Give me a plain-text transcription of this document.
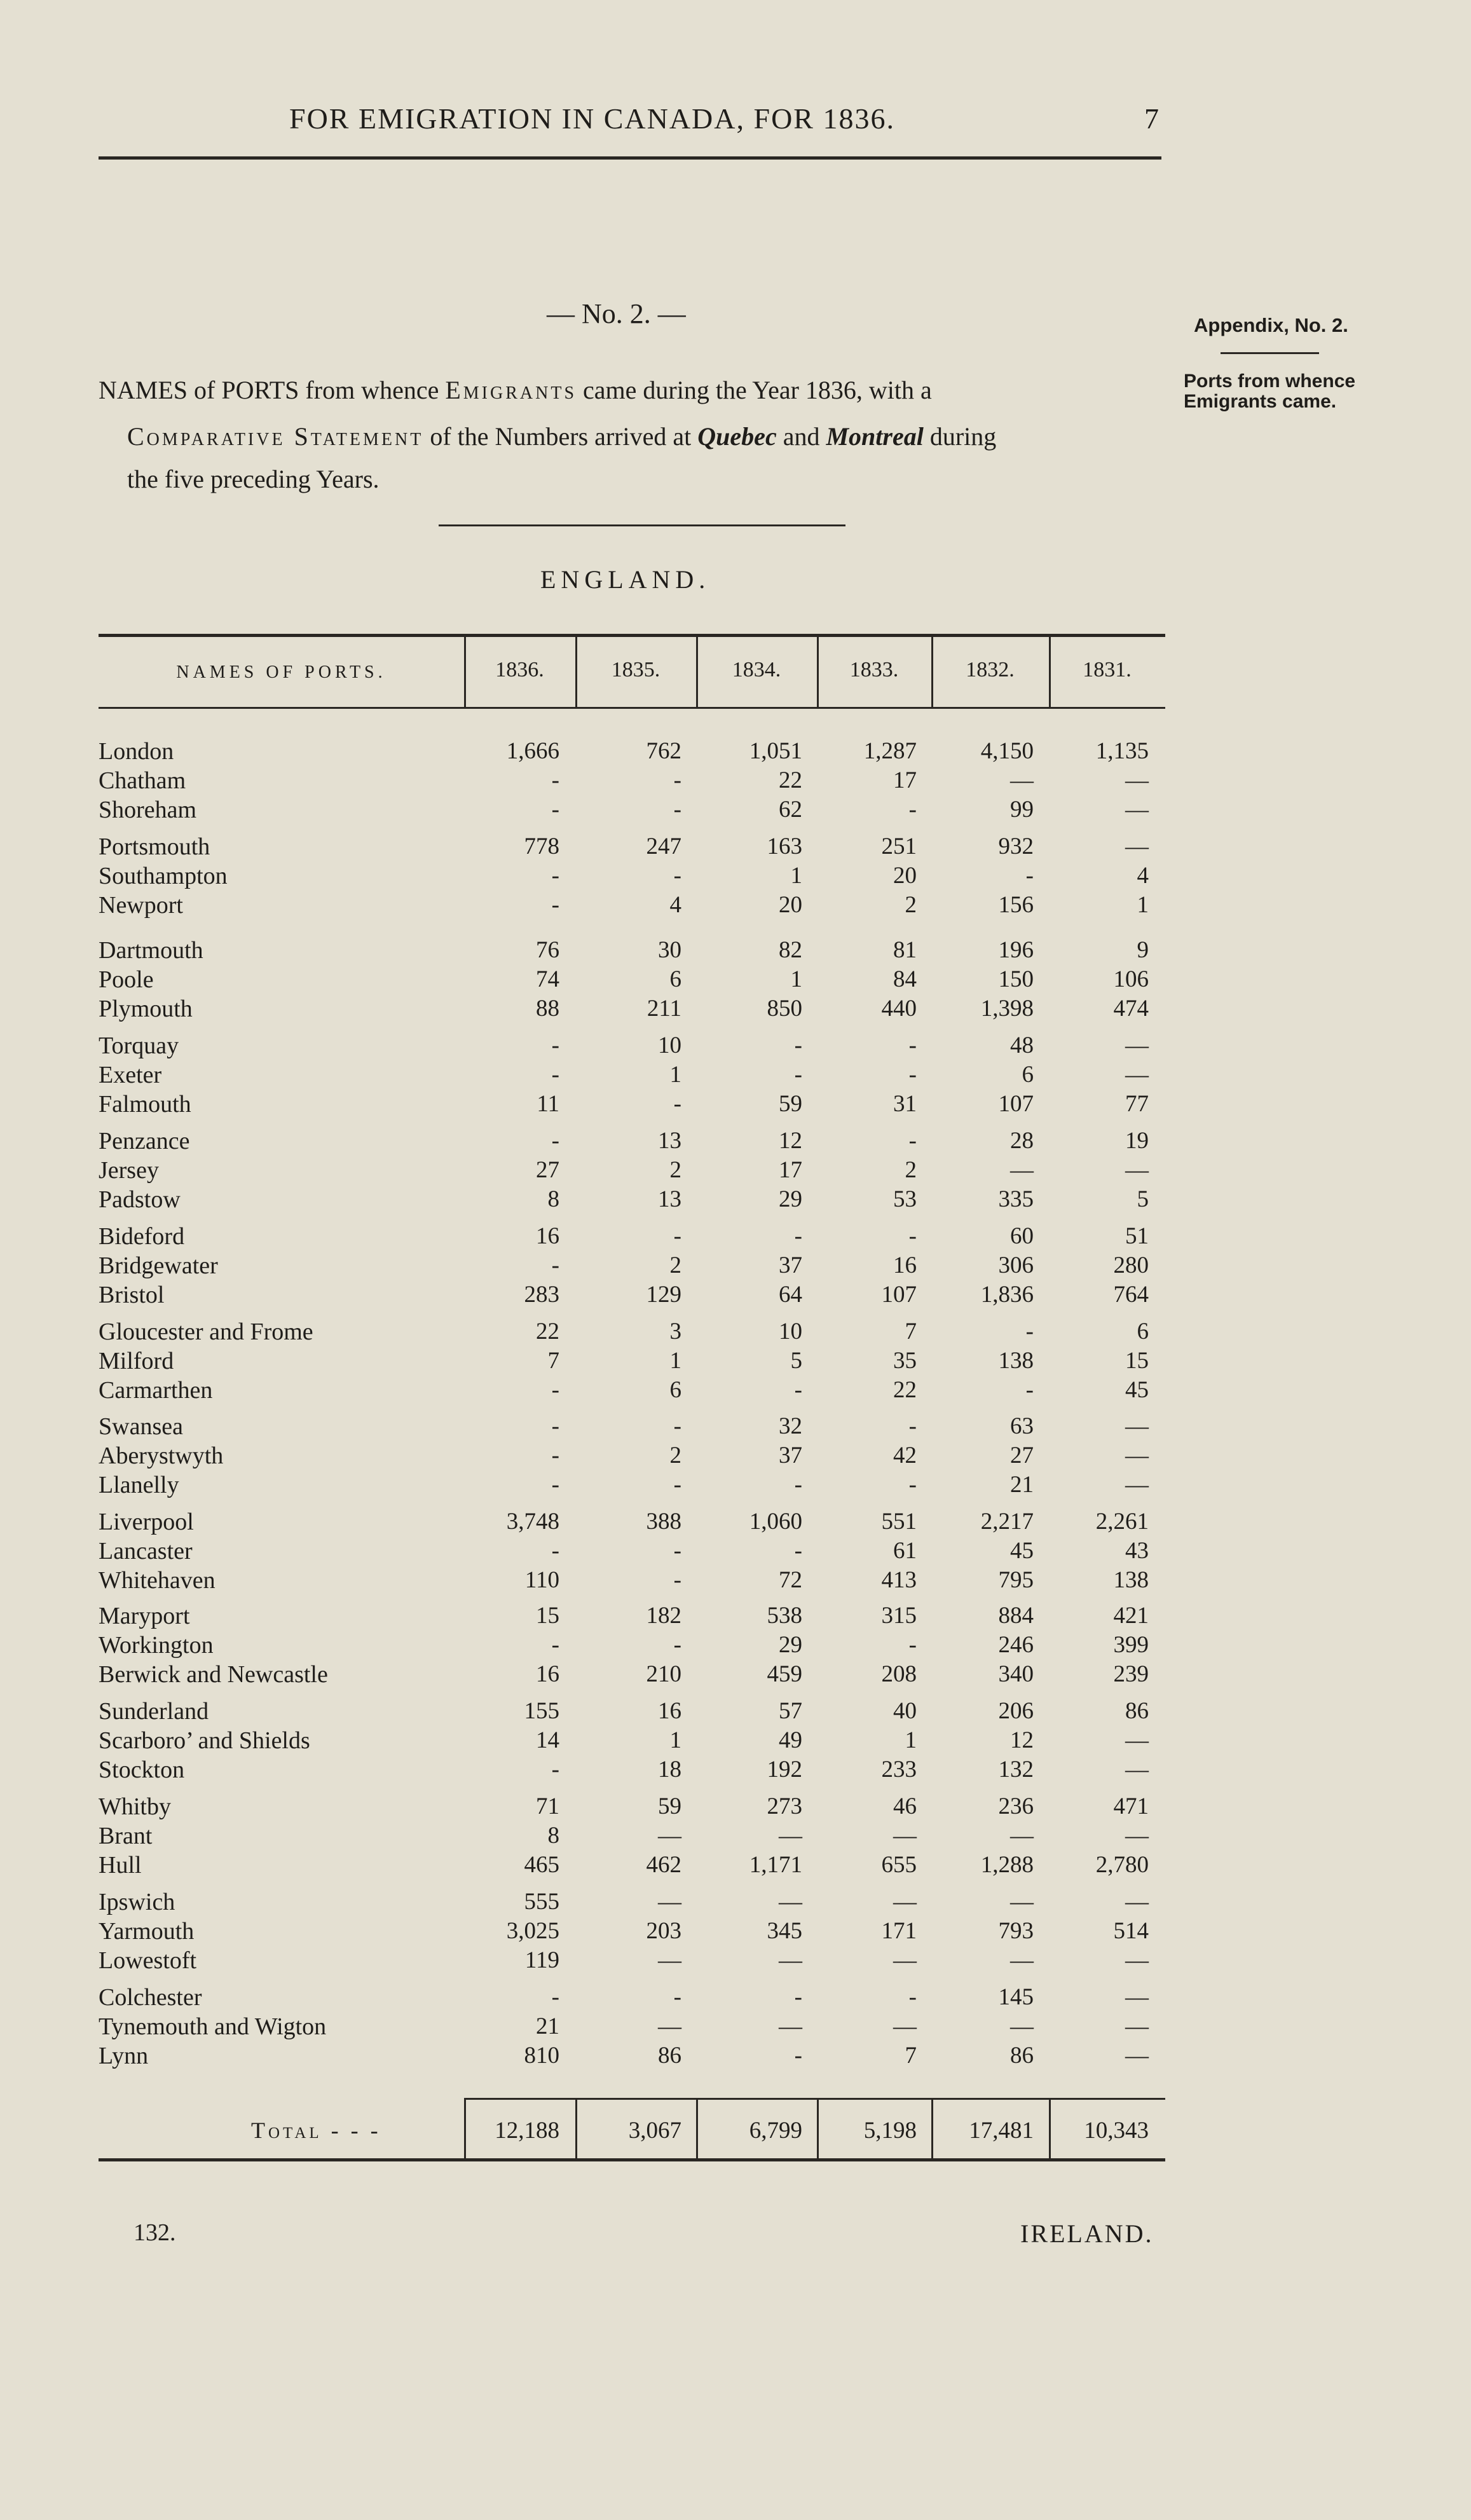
FOR EMIGRATION IN CANADA, FOR 1836.	7
— No. 2. —	Appendix, No. 2.
Ports from whence Emigrants came.
NAMES of PORTS from whence Emigrants came during the Year 1836, with a
Comparative Statement of the Numbers arrived at Quebec and Montreal during
the five preceding Years.
ENGLAND.
NAMES OF PORTS.	1836.	1835.	1834.	1833.	1832.	1831.
London	1,666	762	1,051	1,287	4,150	1,135
Chatham	-	-	22	17	—	—
Shoreham	-	-	62	-	99	—
Portsmouth	778	247	163	251	932	—
Southampton	-	-	1	20	-	4
Newport	-	4	20	2	156	1
Dartmouth	76	30	82	81	196	9
Poole	74	6	1	84	150	106
Plymouth	88	211	850	440	1,398	474
Torquay	-	10	-	-	48	—
Exeter	-	1	-	-	6	—
Falmouth	11	-	59	31	107	77
Penzance	-	13	12	-	28	19
Jersey	27	2	17	2	—	—
Padstow	8	13	29	53	335	5
Bideford	16	-	-	-	60	51
Bridgewater	-	2	37	16	306	280
Bristol	283	129	64	107	1,836	764
Gloucester and Frome	22	3	10	7	-	6
Milford	7	1	5	35	138	15
Carmarthen	-	6	-	22	-	45
Swansea	-	-	32	-	63	—
Aberystwyth	-	2	37	42	27	—
Llanelly	-	-	-	-	21	—
Liverpool	3,748	388	1,060	551	2,217	2,261
Lancaster	-	-	-	61	45	43
Whitehaven	110	-	72	413	795	138
Maryport	15	182	538	315	884	421
Workington	-	-	29	-	246	399
Berwick and Newcastle	16	210	459	208	340	239
Sunderland	155	16	57	40	206	86
Scarboro’ and Shields	14	1	49	1	12	—
Stockton	-	18	192	233	132	—
Whitby	71	59	273	46	236	471
Brant	8	—	—	—	—	—
Hull	465	462	1,171	655	1,288	2,780
Ipswich	555	—	—	—	—	—
Yarmouth	3,025	203	345	171	793	514
Lowestoft	119	—	—	—	—	—
Colchester	-	-	-	-	145	—
Tynemouth and Wigton	21	—	—	—	—	—
Lynn	810	86	-	7	86	—
132.	IRELAND.
Total - - -	12,188	3,067	6,799	5,198	17,481	10,343
